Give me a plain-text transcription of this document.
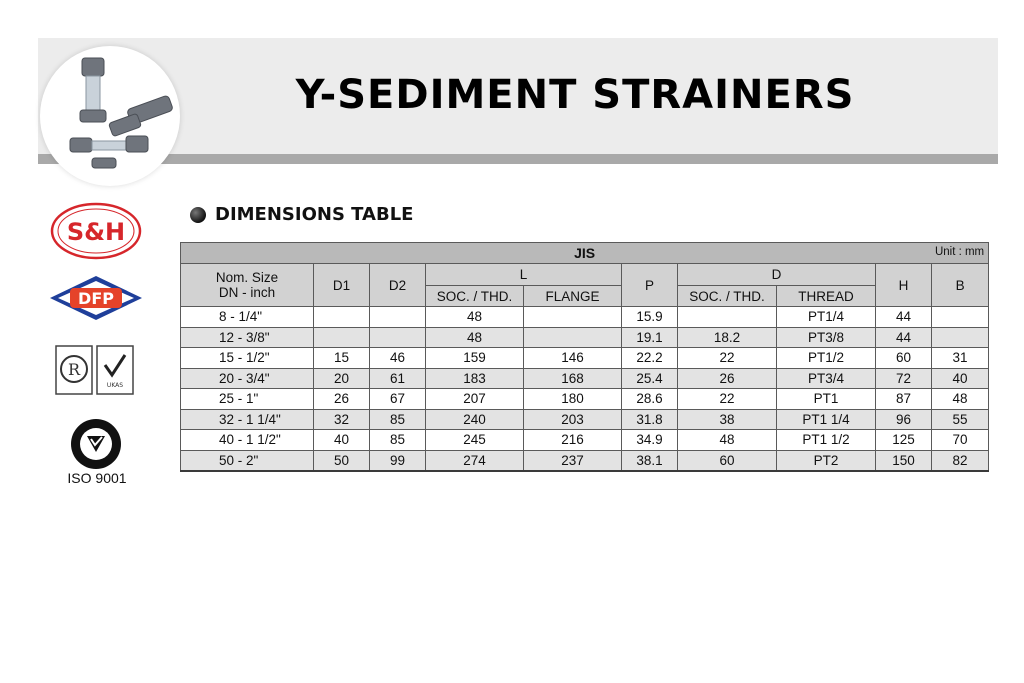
Y-SEDIMENT STRAINERS
S&H
DFP
R
UKAS
ISO 9001
DIMENSIONS TABLE
JIS Unit : mm									

Nom. Size
DN - inch	D1	D2	L		P	D		H	B
			SOC. / THD.	FLANGE		SOC. / THD.	THREAD		
8 - 1/4"			48		15.9		PT1/4	44	
12 - 3/8"			48		19.1	18.2	PT3/8	44	
15 - 1/2"	15	46	159	146	22.2	22	PT1/2	60	31
20 - 3/4"	20	61	183	168	25.4	26	PT3/4	72	40
25 - 1"	26	67	207	180	28.6	22	PT1	87	48
32 - 1 1/4"	32	85	240	203	31.8	38	PT1 1/4	96	55
40 - 1 1/2"	40	85	245	216	34.9	48	PT1 1/2	125	70
50 - 2"	50	99	274	237	38.1	60	PT2	150	82
